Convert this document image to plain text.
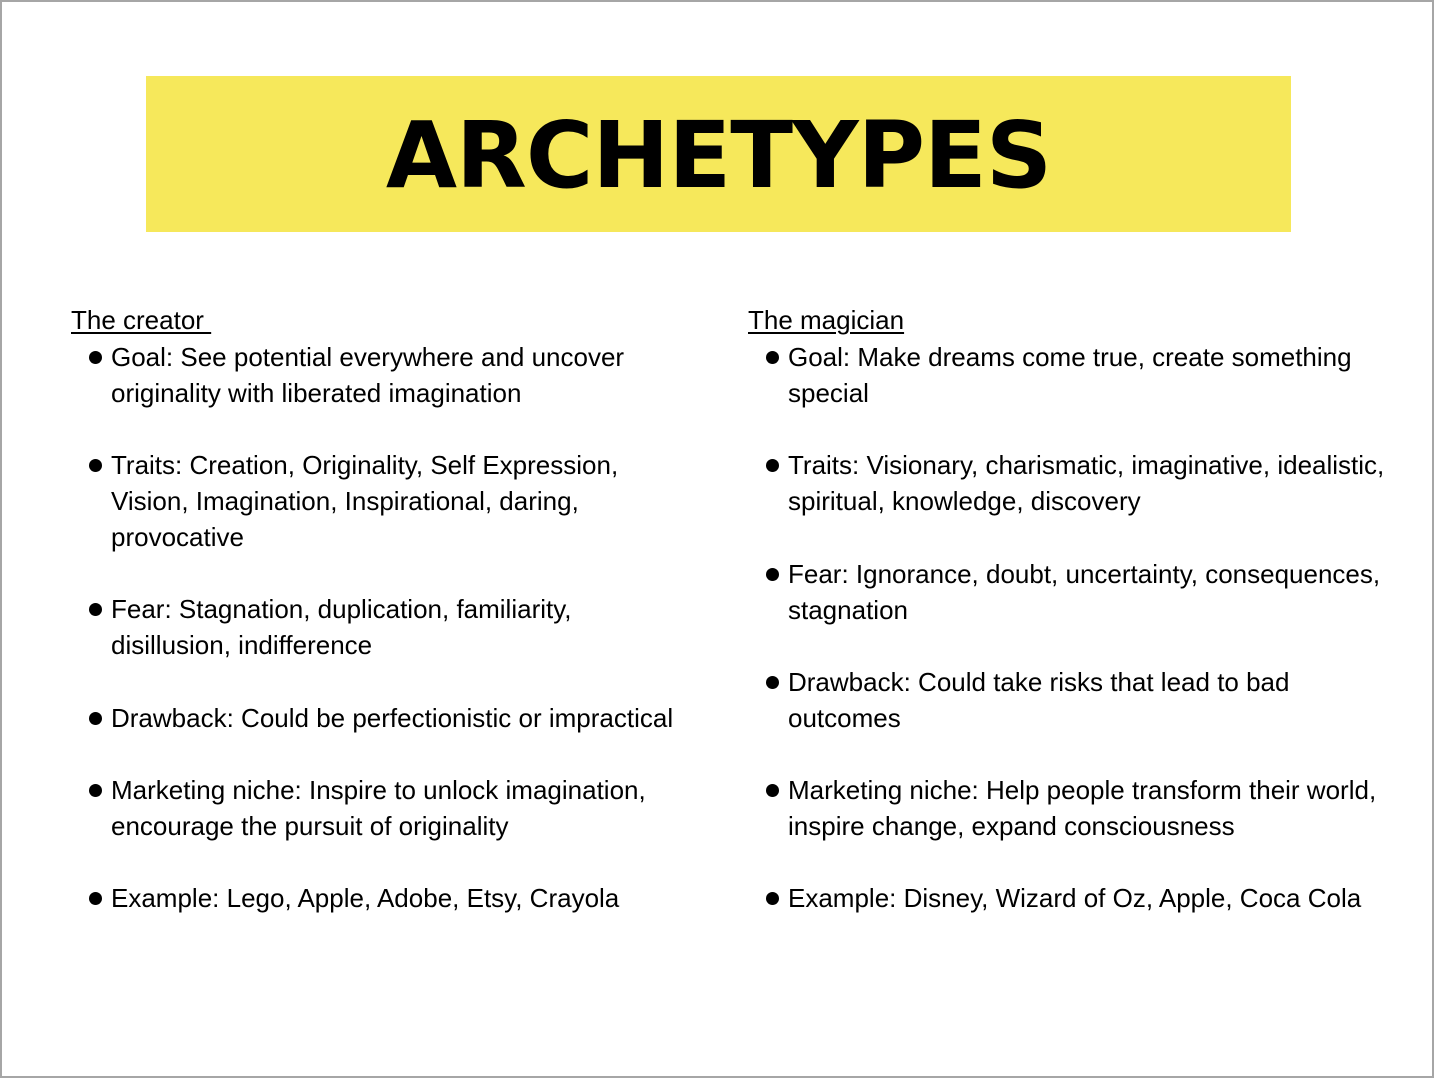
ARCHETYPES
The creator
Goal: See potential everywhere and uncover originality with liberated imagination
Traits: Creation, Originality, Self Expression, Vision, Imagination, Inspirational, daring, provocative
Fear: Stagnation, duplication, familiarity, disillusion, indifference
Drawback: Could be perfectionistic or impractical
Marketing niche: Inspire to unlock imagination, encourage the pursuit of originality
Example: Lego, Apple, Adobe, Etsy, Crayola
The magician
Goal: Make dreams come true, create something special
Traits: Visionary, charismatic, imaginative, idealistic, spiritual, knowledge, discovery
Fear: Ignorance, doubt, uncertainty, consequences, stagnation
Drawback: Could take risks that lead to bad outcomes
Marketing niche: Help people transform their world, inspire change, expand consciousness
Example: Disney, Wizard of Oz, Apple, Coca Cola
